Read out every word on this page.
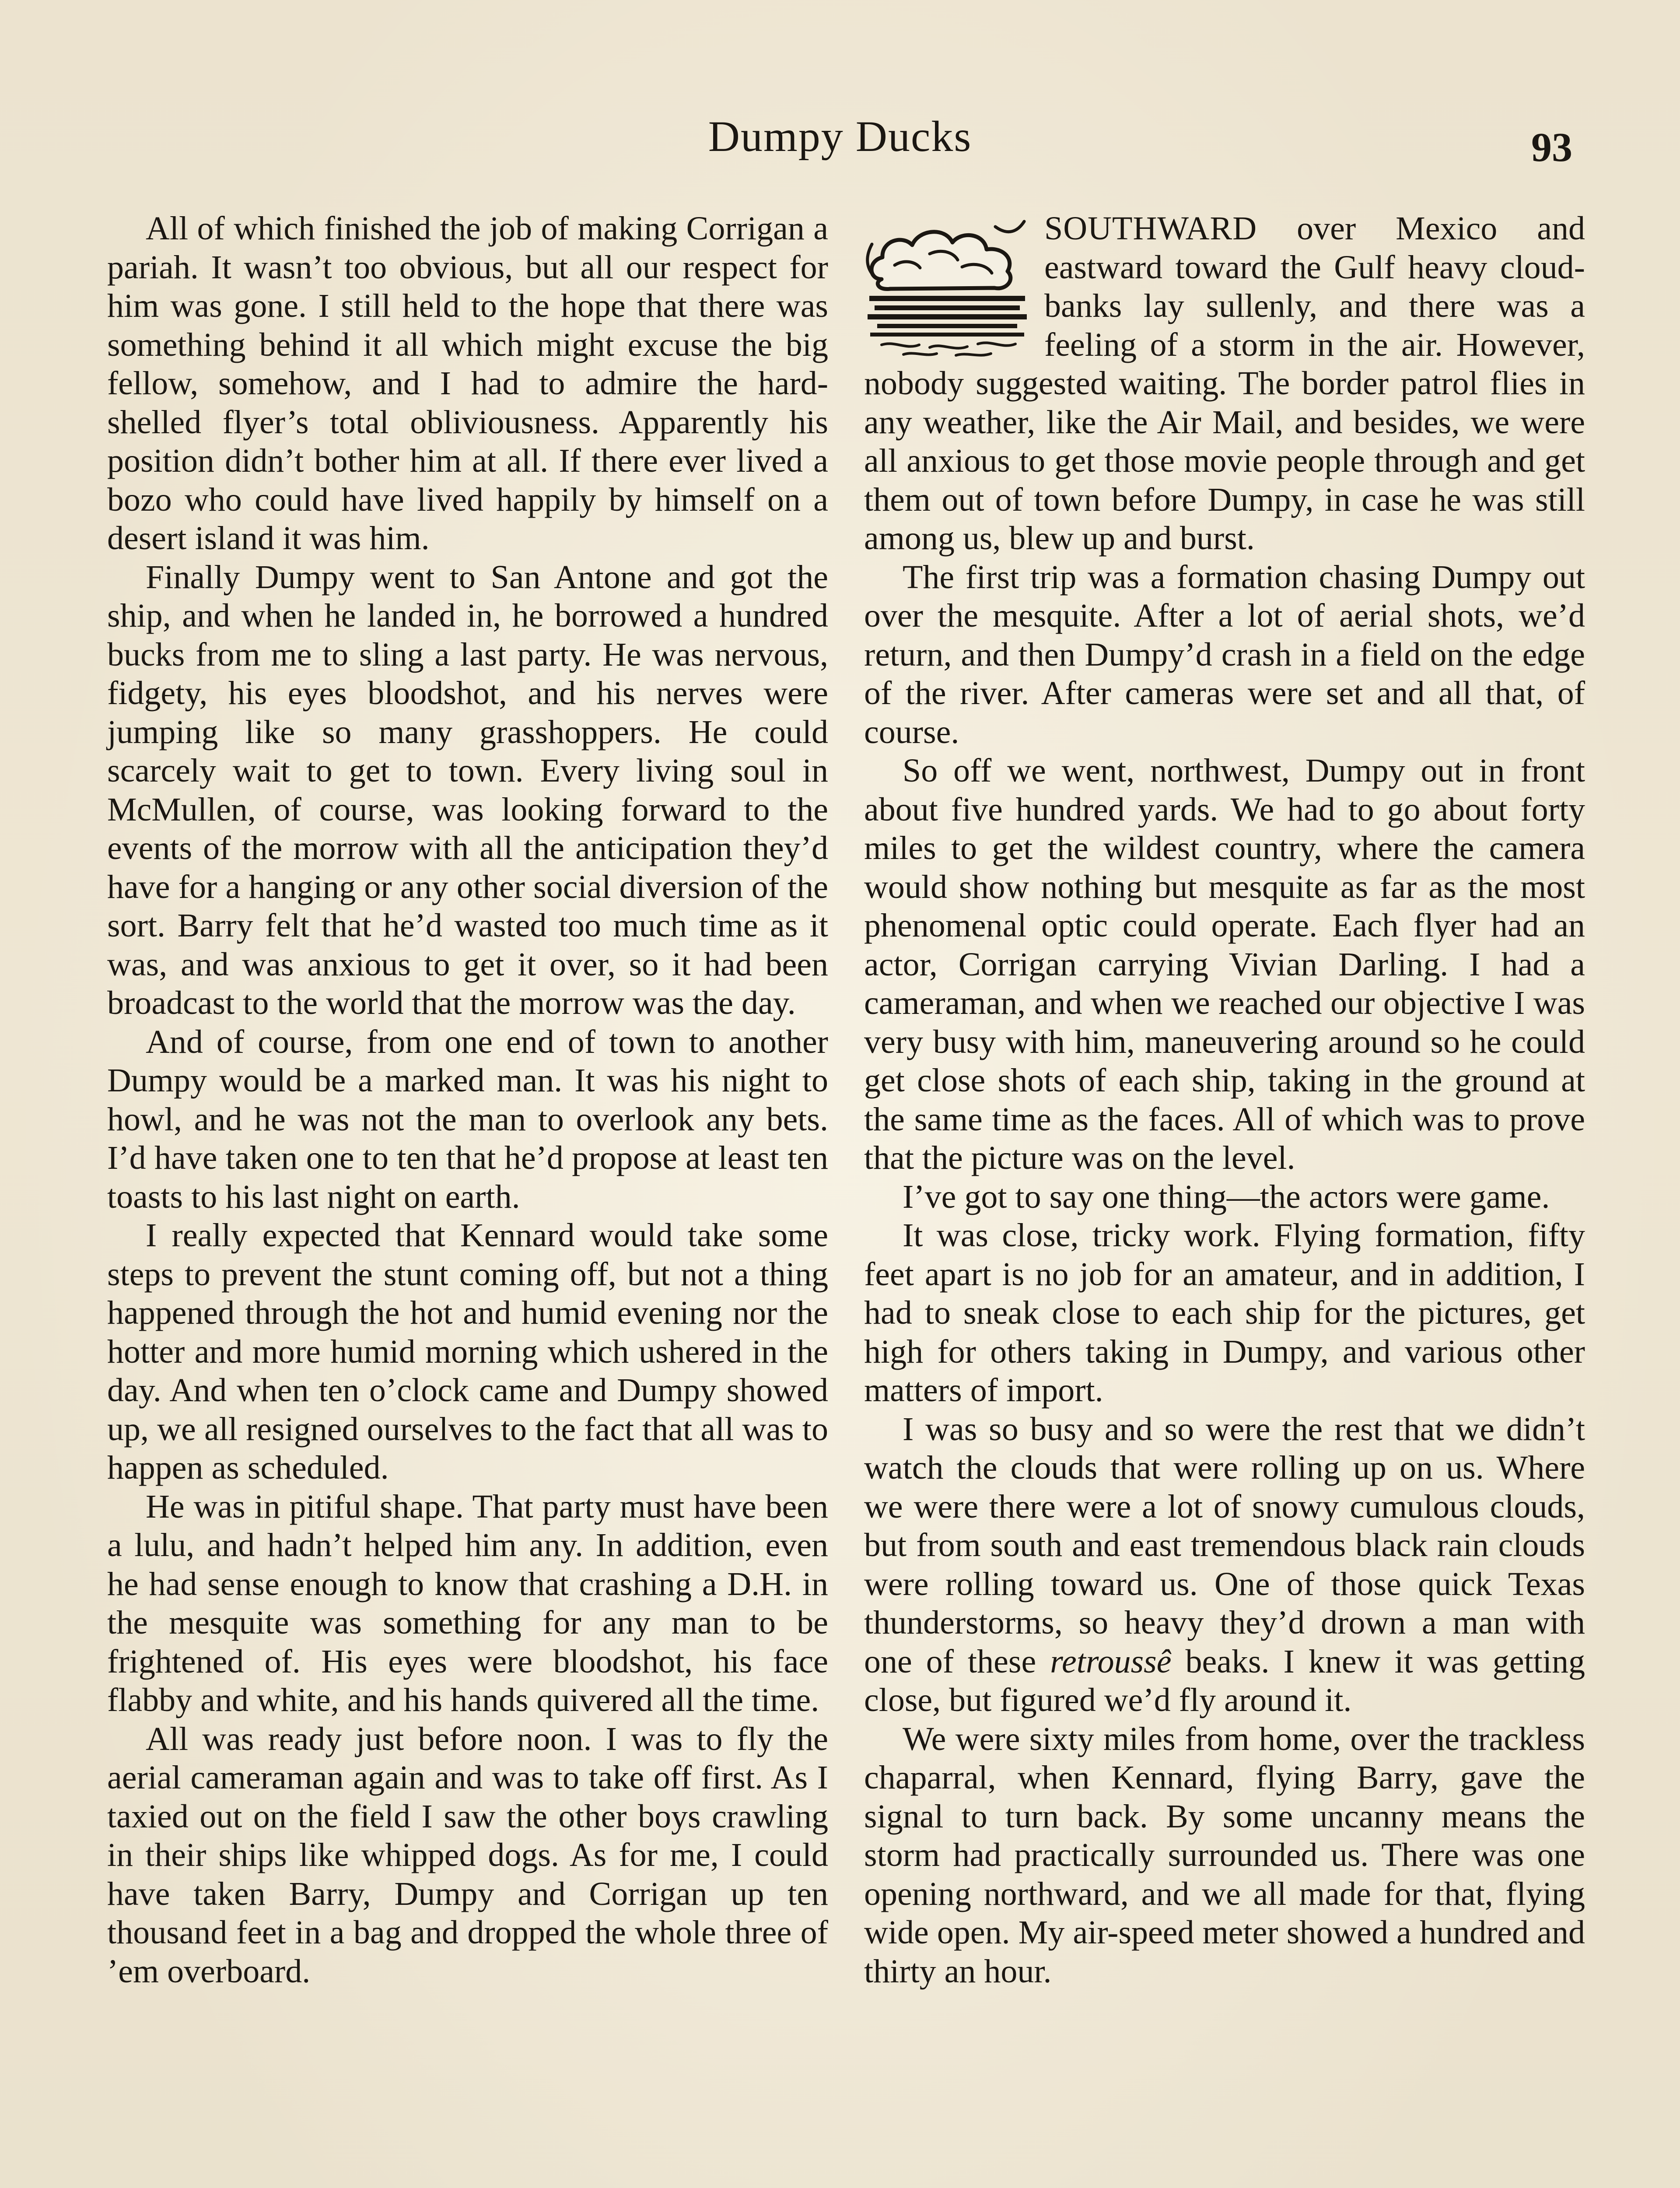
Dumpy Ducks	93

All of which finished the job of making Corrigan a pariah. It wasn’t too obvious, but all our respect for him was gone. I still held to the hope that there was something behind it all which might excuse the big fellow, somehow, and I had to admire the hard-shelled flyer’s total obliviousness. Apparently his position didn’t bother him at all. If there ever lived a bozo who could have lived happily by himself on a desert island it was him.

Finally Dumpy went to San Antone and got the ship, and when he landed in, he borrowed a hundred bucks from me to sling a last party. He was nervous, fidgety, his eyes bloodshot, and his nerves were jumping like so many grasshoppers. He could scarcely wait to get to town. Every living soul in McMullen, of course, was looking forward to the events of the morrow with all the anticipation they’d have for a hanging or any other social diversion of the sort. Barry felt that he’d wasted too much time as it was, and was anxious to get it over, so it had been broadcast to the world that the morrow was the day.

And of course, from one end of town to another Dumpy would be a marked man. It was his night to howl, and he was not the man to overlook any bets. I’d have taken one to ten that he’d propose at least ten toasts to his last night on earth.

I really expected that Kennard would take some steps to prevent the stunt coming off, but not a thing happened through the hot and humid evening nor the hotter and more humid morning which ushered in the day. And when ten o’clock came and Dumpy showed up, we all resigned ourselves to the fact that all was to happen as scheduled.

He was in pitiful shape. That party must have been a lulu, and hadn’t helped him any. In addition, even he had sense enough to know that crashing a D.H. in the mesquite was something for any man to be frightened of. His eyes were bloodshot, his face flabby and white, and his hands quivered all the time.

All was ready just before noon. I was to fly the aerial cameraman again and was to take off first. As I taxied out on the field I saw the other boys crawling in their ships like whipped dogs. As for me, I could have taken Barry, Dumpy and Corrigan up ten thousand feet in a bag and dropped the whole three of ’em overboard.

SOUTHWARD over Mexico and eastward toward the Gulf heavy cloud-banks lay sullenly, and there was a feeling of a storm in the air. However, nobody suggested waiting. The border patrol flies in any weather, like the Air Mail, and besides, we were all anxious to get those movie people through and get them out of town before Dumpy, in case he was still among us, blew up and burst.

The first trip was a formation chasing Dumpy out over the mesquite. After a lot of aerial shots, we’d return, and then Dumpy’d crash in a field on the edge of the river. After cameras were set and all that, of course.

So off we went, northwest, Dumpy out in front about five hundred yards. We had to go about forty miles to get the wildest country, where the camera would show nothing but mesquite as far as the most phenomenal optic could operate. Each flyer had an actor, Corrigan carrying Vivian Darling. I had a cameraman, and when we reached our objective I was very busy with him, maneuvering around so he could get close shots of each ship, taking in the ground at the same time as the faces. All of which was to prove that the picture was on the level.

I’ve got to say one thing—the actors were game.

It was close, tricky work. Flying formation, fifty feet apart is no job for an amateur, and in addition, I had to sneak close to each ship for the pictures, get high for others taking in Dumpy, and various other matters of import.

I was so busy and so were the rest that we didn’t watch the clouds that were rolling up on us. Where we were there were a lot of snowy cumulous clouds, but from south and east tremendous black rain clouds were rolling toward us. One of those quick Texas thunderstorms, so heavy they’d drown a man with one of these retroussê beaks. I knew it was getting close, but figured we’d fly around it.

We were sixty miles from home, over the trackless chaparral, when Kennard, flying Barry, gave the signal to turn back. By some uncanny means the storm had practically surrounded us. There was one opening northward, and we all made for that, flying wide open. My air-speed meter showed a hundred and thirty an hour.
